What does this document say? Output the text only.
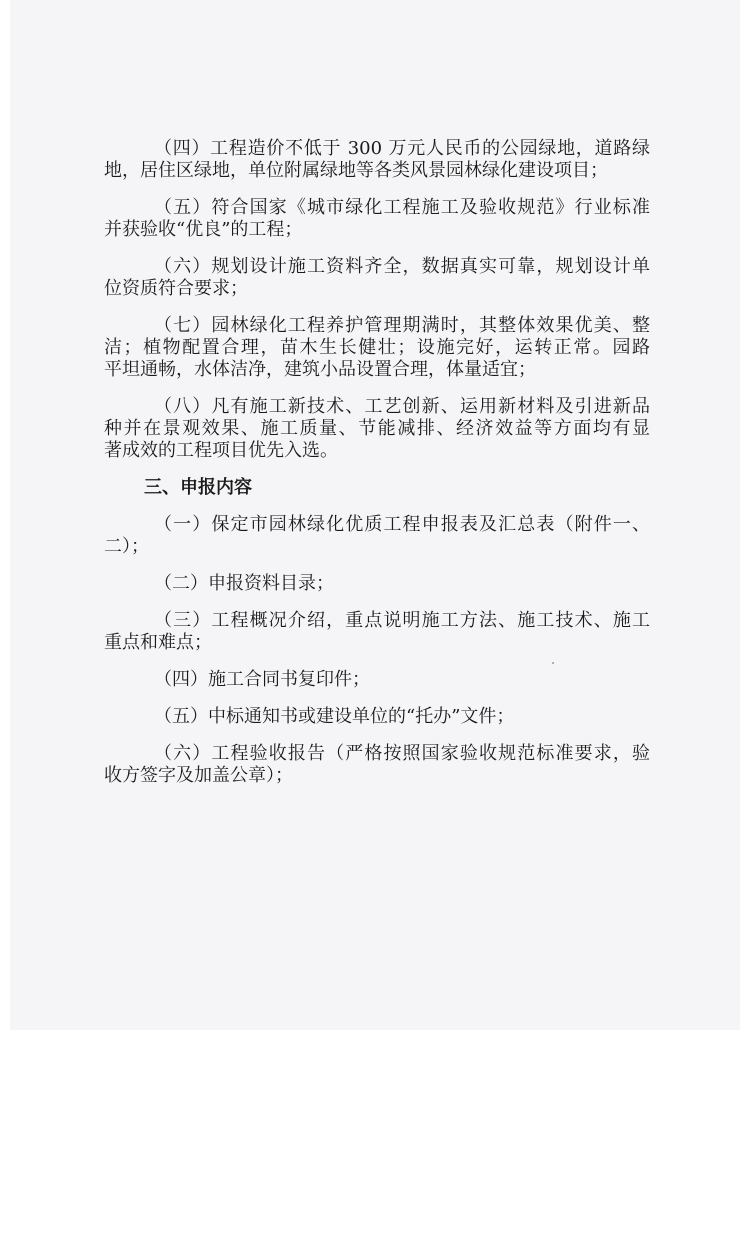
（四）工程造价不低于 300 万元人民币的公园绿地，道路绿
地，居住区绿地，单位附属绿地等各类风景园林绿化建设项目；
（五）符合国家《城市绿化工程施工及验收规范》行业标准
并获验收“优良”的工程；
（六）规划设计施工资料齐全，数据真实可靠，规划设计单
位资质符合要求；
（七）园林绿化工程养护管理期满时，其整体效果优美、整
洁；植物配置合理，苗木生长健壮；设施完好，运转正常。园路
平坦通畅，水体洁净，建筑小品设置合理，体量适宜；
（八）凡有施工新技术、工艺创新、运用新材料及引进新品
种并在景观效果、施工质量、节能减排、经济效益等方面均有显
著成效的工程项目优先入选。
三、申报内容
（一）保定市园林绿化优质工程申报表及汇总表（附件一、
二）；
（二）申报资料目录；
（三）工程概况介绍，重点说明施工方法、施工技术、施工
重点和难点；
（四）施工合同书复印件；
（五）中标通知书或建设单位的“托办”文件；
（六）工程验收报告（严格按照国家验收规范标准要求，验
收方签字及加盖公章）；
